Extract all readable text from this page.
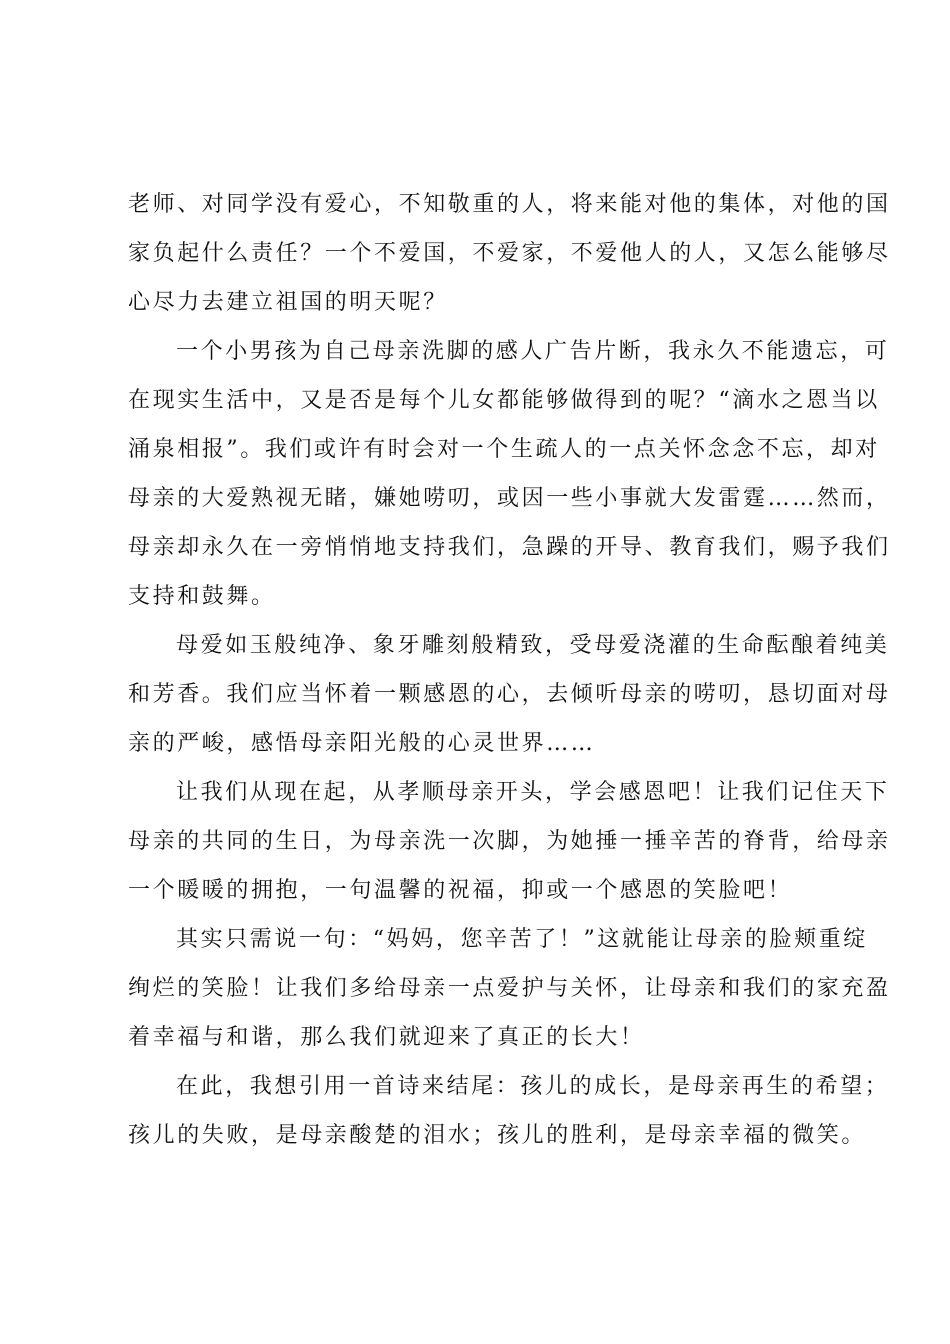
老师、对同学没有爱心，不知敬重的人，将来能对他的集体，对他的国
家负起什么责任？一个不爱国，不爱家，不爱他人的人，又怎么能够尽
心尽力去建立祖国的明天呢？

一个小男孩为自己母亲洗脚的感人广告片断，我永久不能遗忘，可
在现实生活中，又是否是每个儿女都能够做得到的呢？“滴水之恩当以
涌泉相报”。我们或许有时会对一个生疏人的一点关怀念念不忘，却对
母亲的大爱熟视无睹，嫌她唠叨，或因一些小事就大发雷霆……然而，
母亲却永久在一旁悄悄地支持我们，急躁的开导、教育我们，赐予我们
支持和鼓舞。

母爱如玉般纯净、象牙雕刻般精致，受母爱浇灌的生命酝酿着纯美
和芳香。我们应当怀着一颗感恩的心，去倾听母亲的唠叨，恳切面对母
亲的严峻，感悟母亲阳光般的心灵世界……

让我们从现在起，从孝顺母亲开头，学会感恩吧！让我们记住天下
母亲的共同的生日，为母亲洗一次脚，为她捶一捶辛苦的脊背，给母亲
一个暖暖的拥抱，一句温馨的祝福，抑或一个感恩的笑脸吧！

其实只需说一句：“妈妈，您辛苦了！”这就能让母亲的脸颊重绽
绚烂的笑脸！让我们多给母亲一点爱护与关怀，让母亲和我们的家充盈
着幸福与和谐，那么我们就迎来了真正的长大！

在此，我想引用一首诗来结尾：孩儿的成长，是母亲再生的希望；
孩儿的失败，是母亲酸楚的泪水；孩儿的胜利，是母亲幸福的微笑。
